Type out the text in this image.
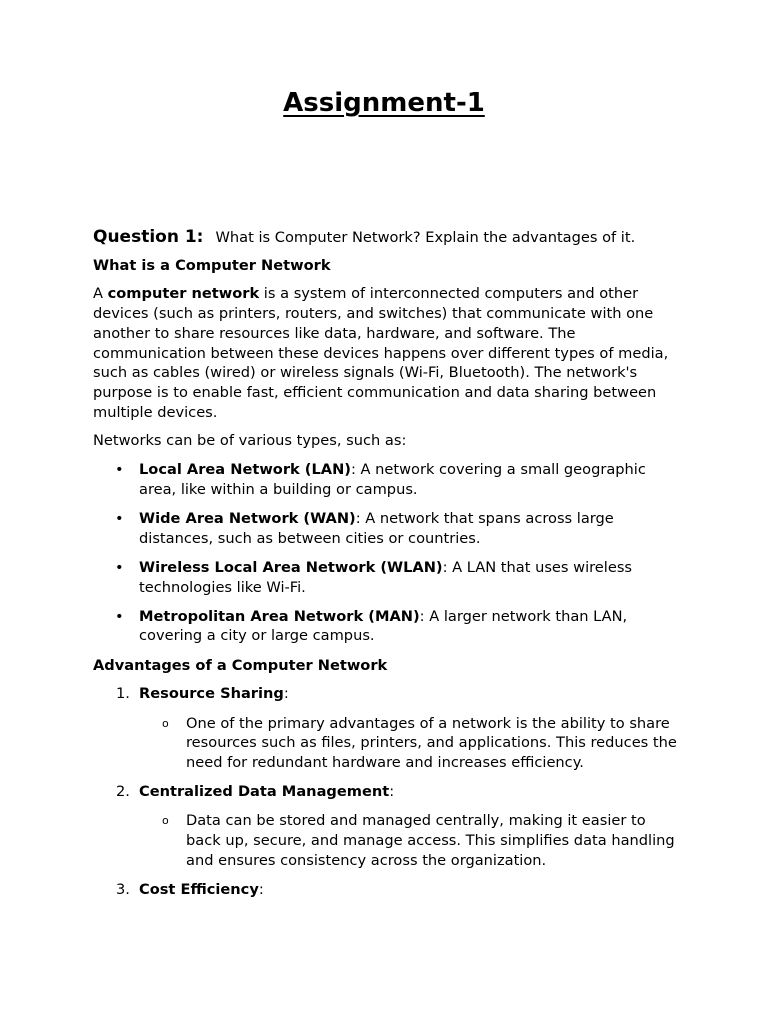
Assignment-1
Question 1: What is Computer Network? Explain the advantages of it.
What is a Computer Network

A computer network is a system of interconnected computers and other devices (such as printers, routers, and switches) that communicate with one another to share resources like data, hardware, and software. The communication between these devices happens over different types of media, such as cables (wired) or wireless signals (Wi-Fi, Bluetooth). The network's purpose is to enable fast, efficient communication and data sharing between multiple devices.

Networks can be of various types, such as:

• Local Area Network (LAN): A network covering a small geographic area, like within a building or campus.
• Wide Area Network (WAN): A network that spans across large distances, such as between cities or countries.
• Wireless Local Area Network (WLAN): A LAN that uses wireless technologies like Wi-Fi.
• Metropolitan Area Network (MAN): A larger network than LAN, covering a city or large campus.
Advantages of a Computer Network
1. Resource Sharing:
o One of the primary advantages of a network is the ability to share resources such as files, printers, and applications. This reduces the need for redundant hardware and increases efficiency.
2. Centralized Data Management:
o Data can be stored and managed centrally, making it easier to back up, secure, and manage access. This simplifies data handling and ensures consistency across the organization.
3. Cost Efficiency:
